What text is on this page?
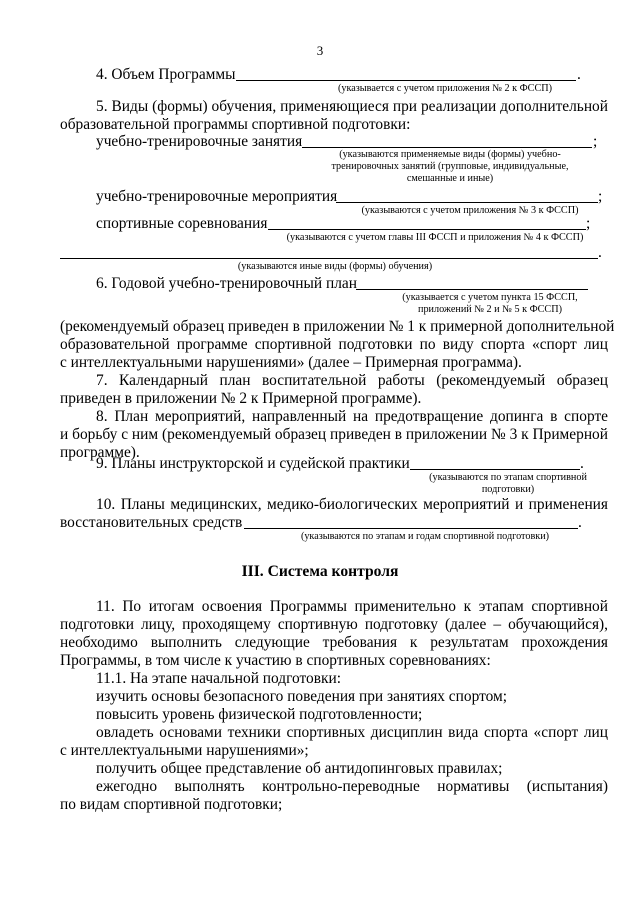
3
4. Объем Программы	.
(указывается с учетом приложения № 2 к ФССП)
5. Виды (формы) обучения, применяющиеся при реализации дополнительной
образовательной программы спортивной подготовки:
учебно-тренировочные занятия	;
(указываются применяемые виды (формы) учебно-
тренировочных занятий (групповые, индивидуальные,
смешанные и иные)
учебно-тренировочные мероприятия	;
(указываются с учетом приложения № 3 к ФССП)
спортивные соревнования	;
(указываются с учетом главы III ФССП и приложения № 4 к ФССП)
.
(указываются иные виды (формы) обучения)
6. Годовой учебно-тренировочный план
(указывается с учетом пункта 15 ФССП,
приложений № 2 и № 5 к ФССП)
(рекомендуемый образец приведен в приложении № 1 к примерной дополнительной
образовательной программе спортивной подготовки по виду спорта «спорт лиц
с интеллектуальными нарушениями» (далее – Примерная программа).
7. Календарный план воспитательной работы (рекомендуемый образец
приведен в приложении № 2 к Примерной программе).
8. План мероприятий, направленный на предотвращение допинга в спорте
и борьбу с ним (рекомендуемый образец приведен в приложении № 3 к Примерной
программе).
9. Планы инструкторской и судейской практики	.
(указываются по этапам спортивной
подготовки)
10. Планы медицинских, медико-биологических мероприятий и применения
восстановительных средств	.
(указываются по этапам и годам спортивной подготовки)
III. Система контроля
11. По итогам освоения Программы применительно к этапам спортивной
подготовки лицу, проходящему спортивную подготовку (далее – обучающийся),
необходимо выполнить следующие требования к результатам прохождения
Программы, в том числе к участию в спортивных соревнованиях:
11.1. На этапе начальной подготовки:
изучить основы безопасного поведения при занятиях спортом;
повысить уровень физической подготовленности;
овладеть основами техники спортивных дисциплин вида спорта «спорт лиц
с интеллектуальными нарушениями»;
получить общее представление об антидопинговых правилах;
ежегодно выполнять контрольно-переводные нормативы (испытания)
по видам спортивной подготовки;
